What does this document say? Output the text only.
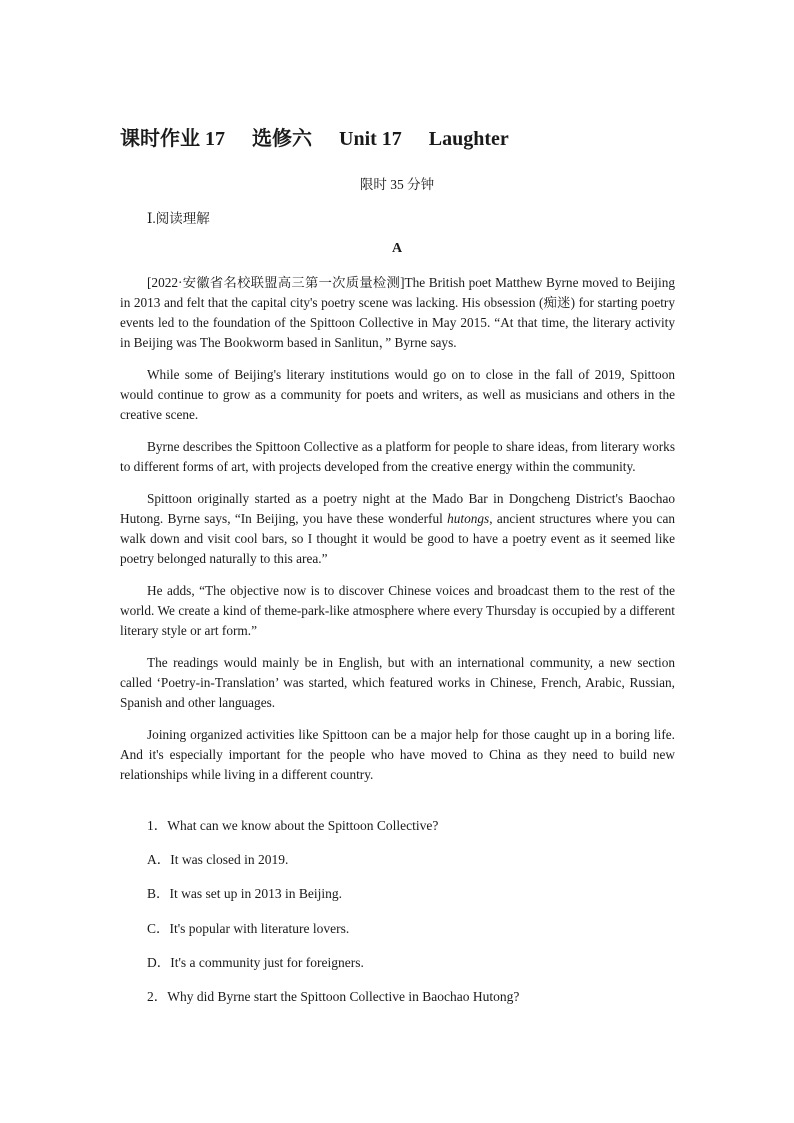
课时作业 17 选修六 Unit 17 Laughter
限时 35 分钟
Ⅰ.阅读理解
A

[2022·安徽省名校联盟高三第一次质量检测]The British poet Matthew Byrne moved to Beijing in 2013 and felt that the capital city's poetry scene was lacking. His obsession (痴迷) for starting poetry events led to the foundation of the Spittoon Collective in May 2015. “At that time, the literary activity in Beijing was The Bookworm based in Sanlitun，” Byrne says.

While some of Beijing's literary institutions would go on to close in the fall of 2019, Spittoon would continue to grow as a community for poets and writers, as well as musicians and others in the creative scene.

Byrne describes the Spittoon Collective as a platform for people to share ideas, from literary works to different forms of art, with projects developed from the creative energy within the community.

Spittoon originally started as a poetry night at the Mado Bar in Dongcheng District's Baochao Hutong. Byrne says, “In Beijing, you have these wonderful hutongs, ancient structures where you can walk down and visit cool bars, so I thought it would be good to have a poetry event as it seemed like poetry belonged naturally to this area.”

He adds, “The objective now is to discover Chinese voices and broadcast them to the rest of the world. We create a kind of theme-park-like atmosphere where every Thursday is occupied by a different literary style or art form.”

The readings would mainly be in English, but with an international community, a new section called ‘Poetry-in-Translation’ was started, which featured works in Chinese, French, Arabic, Russian, Spanish and other languages.

Joining organized activities like Spittoon can be a major help for those caught up in a boring life. And it's especially important for the people who have moved to China as they need to build new relationships while living in a different country.

1．What can we know about the Spittoon Collective?
A．It was closed in 2019.
B．It was set up in 2013 in Beijing.
C．It's popular with literature lovers.
D．It's a community just for foreigners.
2．Why did Byrne start the Spittoon Collective in Baochao Hutong?
